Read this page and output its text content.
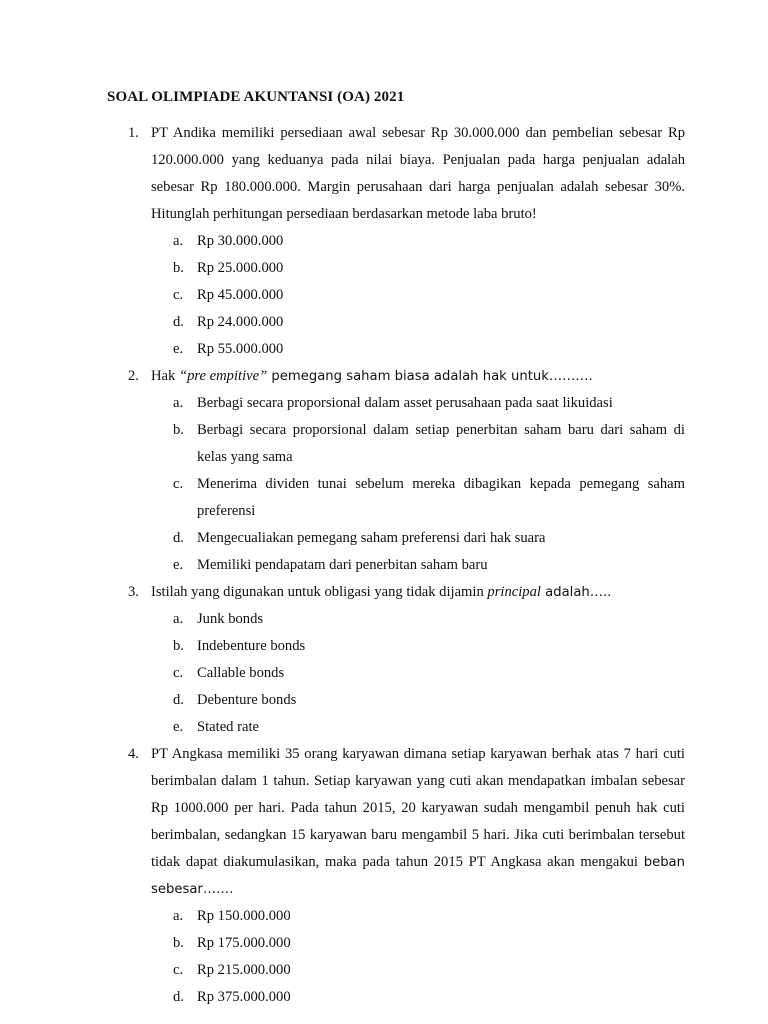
SOAL OLIMPIADE AKUNTANSI (OA) 2021
1. PT Andika memiliki persediaan awal sebesar Rp 30.000.000 dan pembelian sebesar Rp 120.000.000 yang keduanya pada nilai biaya. Penjualan pada harga penjualan adalah sebesar Rp 180.000.000. Margin perusahaan dari harga penjualan adalah sebesar 30%. Hitunglah perhitungan persediaan berdasarkan metode laba bruto!
a. Rp 30.000.000
b. Rp 25.000.000
c. Rp 45.000.000
d. Rp 24.000.000
e. Rp 55.000.000
2. Hak “pre empitive” pemegang saham biasa adalah hak untuk……….
a. Berbagi secara proporsional dalam asset perusahaan pada saat likuidasi
b. Berbagi secara proporsional dalam setiap penerbitan saham baru dari saham di kelas yang sama
c. Menerima dividen tunai sebelum mereka dibagikan kepada pemegang saham preferensi
d. Mengecualiakan pemegang saham preferensi dari hak suara
e. Memiliki pendapatam dari penerbitan saham baru
3. Istilah yang digunakan untuk obligasi yang tidak dijamin principal adalah…..
a. Junk bonds
b. Indebenture bonds
c. Callable bonds
d. Debenture bonds
e. Stated rate
4. PT Angkasa memiliki 35 orang karyawan dimana setiap karyawan berhak atas 7 hari cuti berimbalan dalam 1 tahun. Setiap karyawan yang cuti akan mendapatkan imbalan sebesar Rp 1000.000 per hari. Pada tahun 2015, 20 karyawan sudah mengambil penuh hak cuti berimbalan, sedangkan 15 karyawan baru mengambil 5 hari. Jika cuti berimbalan tersebut tidak dapat diakumulasikan, maka pada tahun 2015 PT Angkasa akan mengakui beban sebesar…….
a. Rp 150.000.000
b. Rp 175.000.000
c. Rp 215.000.000
d. Rp 375.000.000
